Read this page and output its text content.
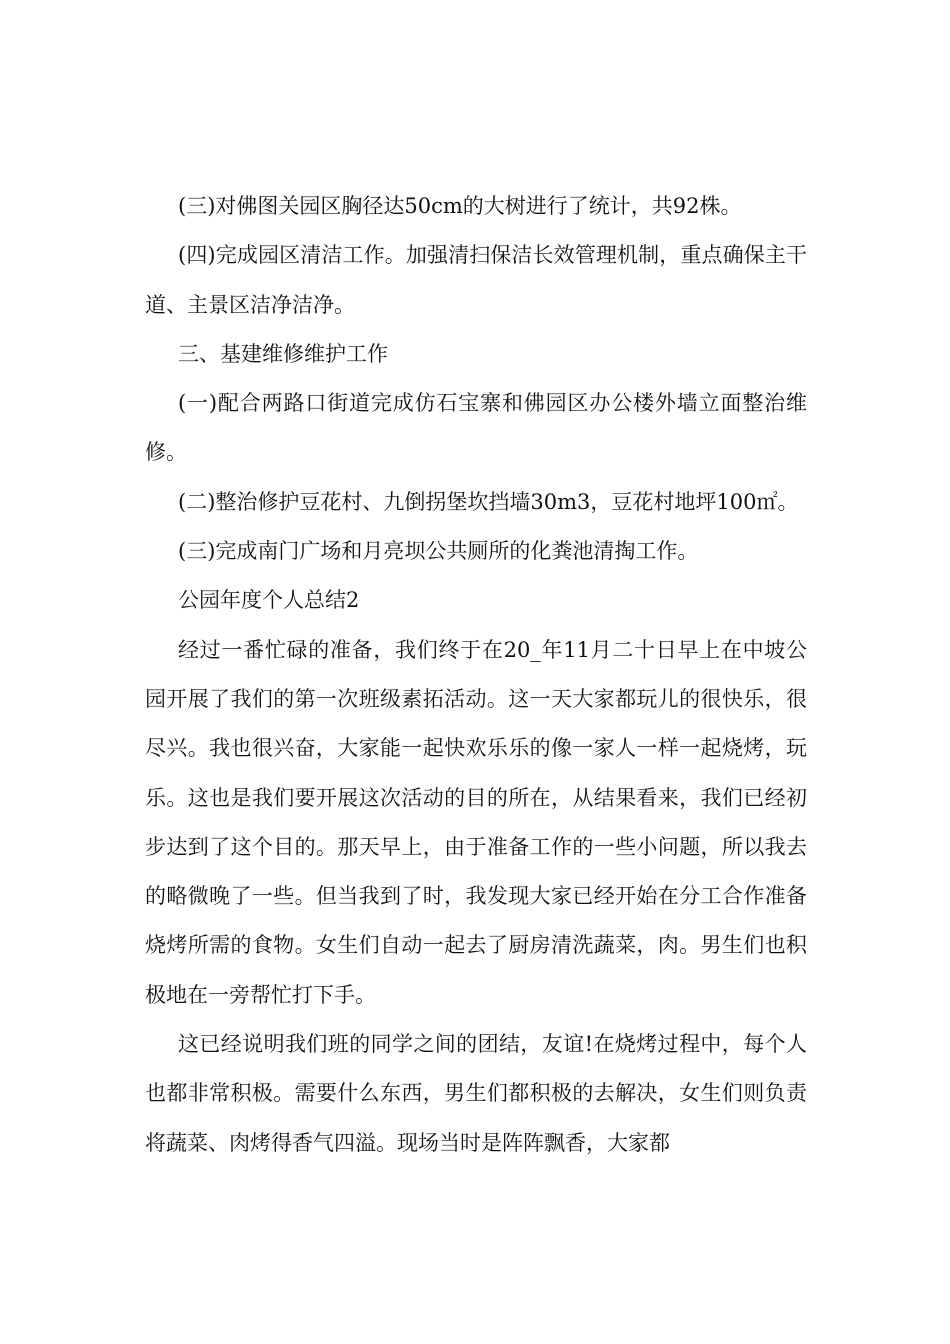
(三)对佛图关园区胸径达50cm的大树进行了统计，共92株。

(四)完成园区清洁工作。加强清扫保洁长效管理机制，重点确保主干道、主景区洁净洁净。

三、基建维修维护工作

(一)配合两路口街道完成仿石宝寨和佛园区办公楼外墙立面整治维修。

(二)整治修护豆花村、九倒拐堡坎挡墙30m3，豆花村地坪100㎡。

(三)完成南门广场和月亮坝公共厕所的化粪池清掏工作。

公园年度个人总结2

经过一番忙碌的准备，我们终于在20_年11月二十日早上在中坡公园开展了我们的第一次班级素拓活动。这一天大家都玩儿的很快乐，很尽兴。我也很兴奋，大家能一起快欢乐乐的像一家人一样一起烧烤，玩乐。这也是我们要开展这次活动的目的所在，从结果看来，我们已经初步达到了这个目的。那天早上，由于准备工作的一些小问题，所以我去的略微晚了一些。但当我到了时，我发现大家已经开始在分工合作准备烧烤所需的食物。女生们自动一起去了厨房清洗蔬菜，肉。男生们也积极地在一旁帮忙打下手。

这已经说明我们班的同学之间的团结，友谊!在烧烤过程中，每个人也都非常积极。需要什么东西，男生们都积极的去解决，女生们则负责将蔬菜、肉烤得香气四溢。现场当时是阵阵飘香，大家都
